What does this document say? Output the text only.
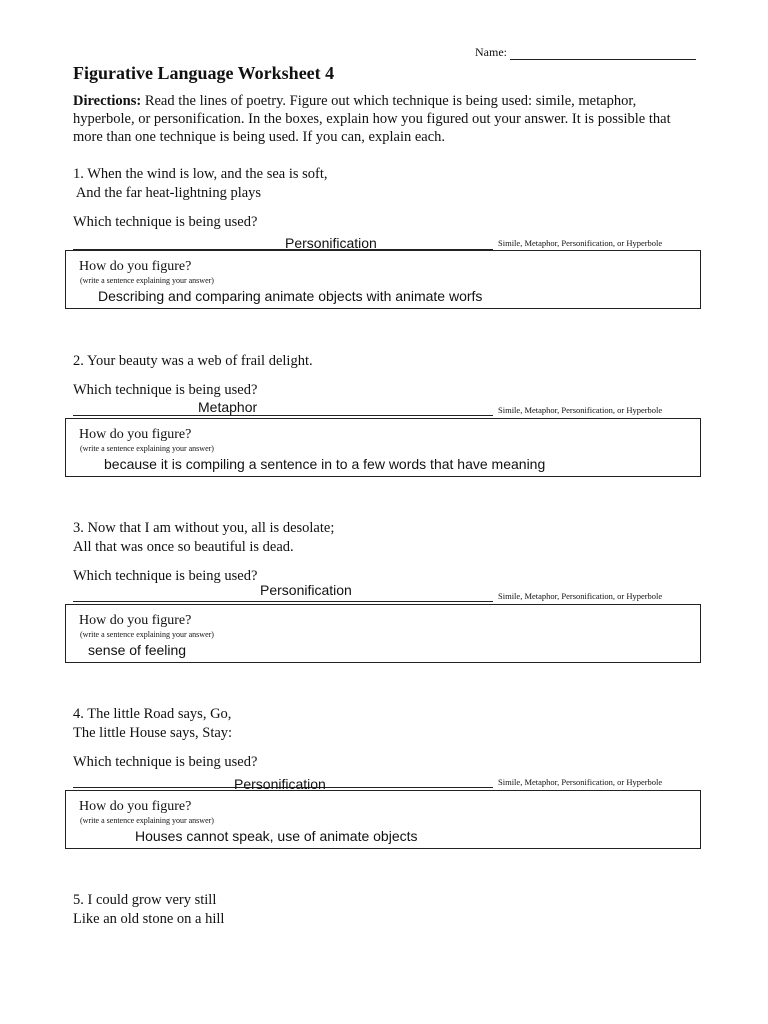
Name:
Figurative Language Worksheet 4
Directions: Read the lines of poetry. Figure out which technique is being used: simile, metaphor, hyperbole, or personification. In the boxes, explain how you figured out your answer. It is possible that more than one technique is being used. If you can, explain each.
1. When the wind is low, and the sea is soft,
And the far heat-lightning plays
Which technique is being used?
Personification	Simile, Metaphor, Personification, or Hyperbole
How do you figure?
(write a sentence explaining your answer)
Describing and comparing animate objects with animate worfs
2. Your beauty was a web of frail delight.
Which technique is being used?
Metaphor	Simile, Metaphor, Personification, or Hyperbole
How do you figure?
(write a sentence explaining your answer)
because it is compiling a sentence in to a few words that have meaning
3. Now that I am without you, all is desolate;
All that was once so beautiful is dead.
Which technique is being used?
Personification	Simile, Metaphor, Personification, or Hyperbole
How do you figure?
(write a sentence explaining your answer)
sense of feeling
4. The little Road says, Go,
The little House says, Stay:
Which technique is being used?
Personification	Simile, Metaphor, Personification, or Hyperbole
How do you figure?
(write a sentence explaining your answer)
Houses cannot speak, use of animate objects
5. I could grow very still
Like an old stone on a hill
